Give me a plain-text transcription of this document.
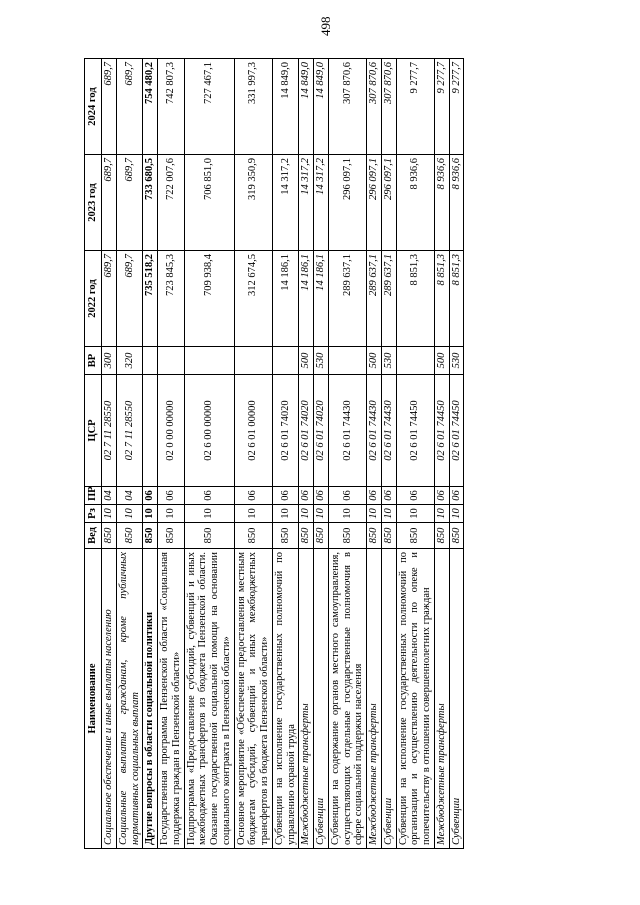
498
Наименование	Вед	Рз	ПР	ЦСР	ВР	2022 год	2023 год	2024 год
Социальное обеспечение и иные выплаты населению	850	10	04	02 7 11 28550	300	689,7	689,7	689,7
Социальные выплаты гражданам, кроме публичных нормативных социальных выплат	850	10	04	02 7 11 28550	320	689,7	689,7	689,7
Другие вопросы в области социальной политики	850	10	06			735 518,2	733 680,5	754 480,2
Государственная программа Пензенской области «Социальная поддержка граждан в Пензенской области»	850	10	06	02 0 00 00000		723 845,3	722 007,6	742 807,3
Подпрограмма «Предоставление субсидий, субвенций и иных межбюджетных трансфертов из бюджета Пензенской области. Оказание государственной социальной помощи на основании социального контракта в Пензенской области»	850	10	06	02 6 00 00000		709 938,4	706 851,0	727 467,1
Основное мероприятие «Обеспечение предоставления местным бюджетам субсидий, субвенций и иных межбюджетных трансфертов из бюджета Пензенской области»	850	10	06	02 6 01 00000		312 674,5	319 350,9	331 997,3
Субвенции на исполнение государственных полномочий по управлению охраной труда	850	10	06	02 6 01 74020		14 186,1	14 317,2	14 849,0
Межбюджетные трансферты	850	10	06	02 6 01 74020	500	14 186,1	14 317,2	14 849,0
Субвенции	850	10	06	02 6 01 74020	530	14 186,1	14 317,2	14 849,0
Субвенции на содержание органов местного самоуправления, осуществляющих отдельные государственные полномочия в сфере социальной поддержки населения	850	10	06	02 6 01 74430		289 637,1	296 097,1	307 870,6
Межбюджетные трансферты	850	10	06	02 6 01 74430	500	289 637,1	296 097,1	307 870,6
Субвенции	850	10	06	02 6 01 74430	530	289 637,1	296 097,1	307 870,6
Субвенции на исполнение государственных полномочий по организации и осуществлению деятельности по опеке и попечительству в отношении совершеннолетних граждан	850	10	06	02 6 01 74450		8 851,3	8 936,6	9 277,7
Межбюджетные трансферты	850	10	06	02 6 01 74450	500	8 851,3	8 936,6	9 277,7
Субвенции	850	10	06	02 6 01 74450	530	8 851,3	8 936,6	9 277,7
